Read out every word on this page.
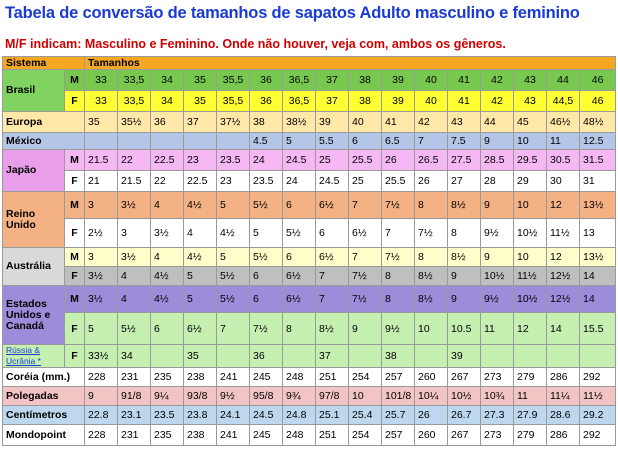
Tabela de conversão de tamanhos de sapatos Adulto masculino e feminino
M/F indicam: Masculino e Feminino. Onde não houver, veja com, ambos os gêneros.
Sistema		Tamanhos															
Brasil	M	33	33,5	34	35	35,5	36	36,5	37	38	39	40	41	42	43	44	46
	F	33	33,5	34	35	35,5	36	36,5	37	38	39	40	41	42	43	44,5	46
Europa		35	35½	36	37	37½	38	38½	39	40	41	42	43	44	45	46½	48½
México							4.5	5	5.5	6	6.5	7	7.5	9	10	11	12.5
Japão	M	21.5	22	22.5	23	23.5	24	24.5	25	25.5	26	26.5	27.5	28.5	29.5	30.5	31.5
	F	21	21.5	22	22.5	23	23.5	24	24.5	25	25.5	26	27	28	29	30	31
Reino Unido	M	3	3½	4	4½	5	5½	6	6½	7	7½	8	8½	9	10	12	13½
	F	2½	3	3½	4	4½	5	5½	6	6½	7	7½	8	9½	10½	11½	13
Austrália	M	3	3½	4	4½	5	5½	6	6½	7	7½	8	8½	9	10	12	13½
	F	3½	4	4½	5	5½	6	6½	7	7½	8	8½	9	10½	11½	12½	14
Estados Unidos e Canadá	M	3½	4	4½	5	5½	6	6½	7	7½	8	8½	9	9½	10½	12½	14
	F	5	5½	6	6½	7	7½	8	8½	9	9½	10	10.5	11	12	14	15.5
Rússia & Ucrânia *	F	33½	34		35		36		37		38		39				
Coréia (mm.)		228	231	235	238	241	245	248	251	254	257	260	267	273	279	286	292
Polegadas		9	91/8	9¼	93/8	9½	95/8	9¾	97/8	10	101/8	10¼	10½	10¾	11	11¼	11½
Centímetros		22.8	23.1	23.5	23.8	24.1	24.5	24.8	25.1	25.4	25.7	26	26.7	27.3	27.9	28.6	29.2
Mondopoint		228	231	235	238	241	245	248	251	254	257	260	267	273	279	286	292
